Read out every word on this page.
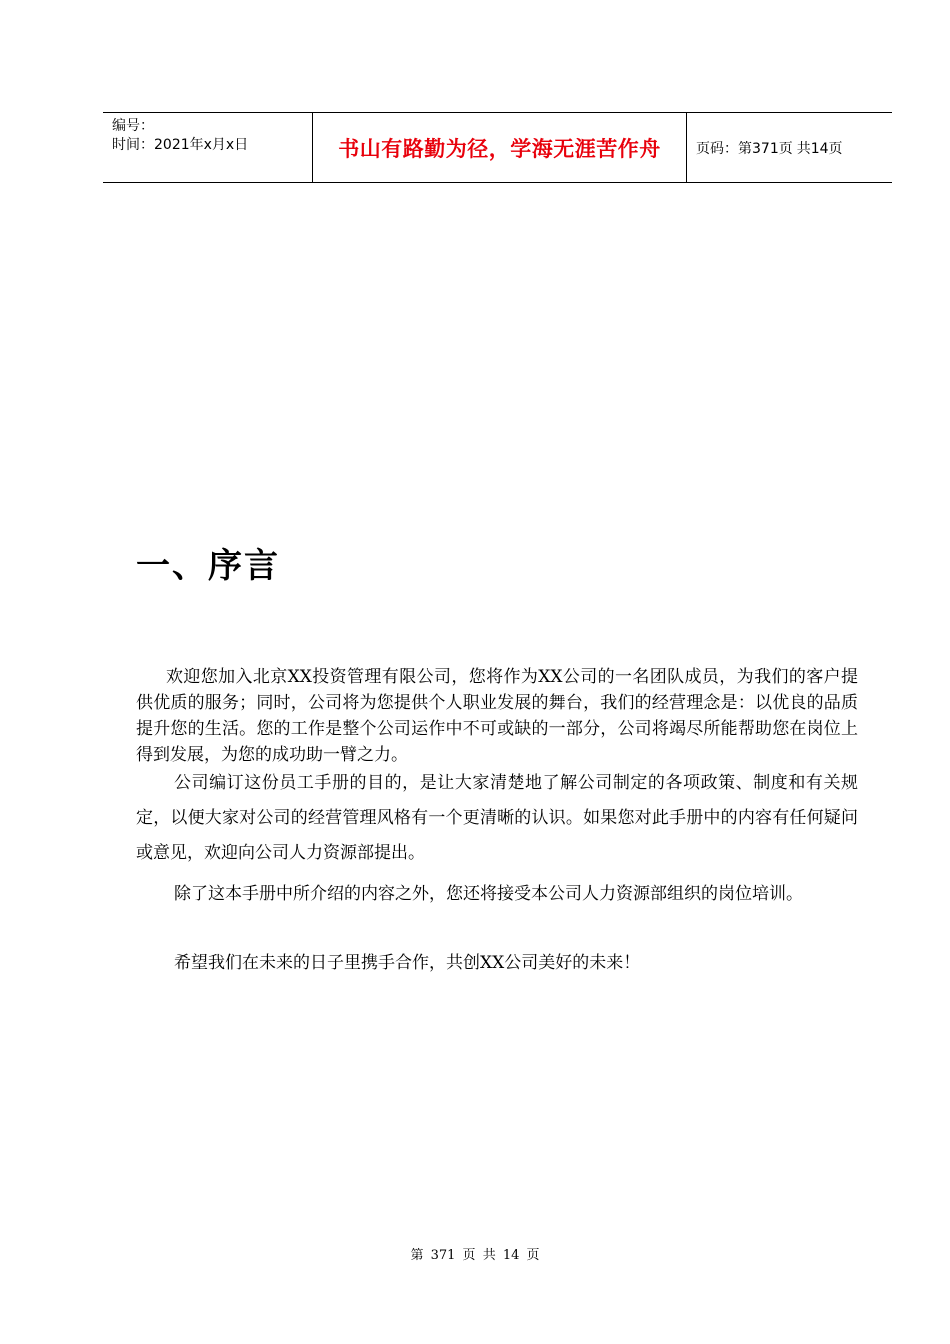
编号：
时间：2021年x月x日	书山有路勤为径，学海无涯苦作舟	页码：第371页 共14页
一、序言

欢迎您加入北京XX投资管理有限公司，您将作为XX公司的一名团队成员，为我们的客户提供优质的服务；同时，公司将为您提供个人职业发展的舞台，我们的经营理念是：以优良的品质提升您的生活。您的工作是整个公司运作中不可或缺的一部分，公司将竭尽所能帮助您在岗位上得到发展，为您的成功助一臂之力。

公司编订这份员工手册的目的，是让大家清楚地了解公司制定的各项政策、制度和有关规定，以便大家对公司的经营管理风格有一个更清晰的认识。如果您对此手册中的内容有任何疑问或意见，欢迎向公司人力资源部提出。

除了这本手册中所介绍的内容之外，您还将接受本公司人力资源部组织的岗位培训。

希望我们在未来的日子里携手合作，共创XX公司美好的未来！

第 371 页 共 14 页
